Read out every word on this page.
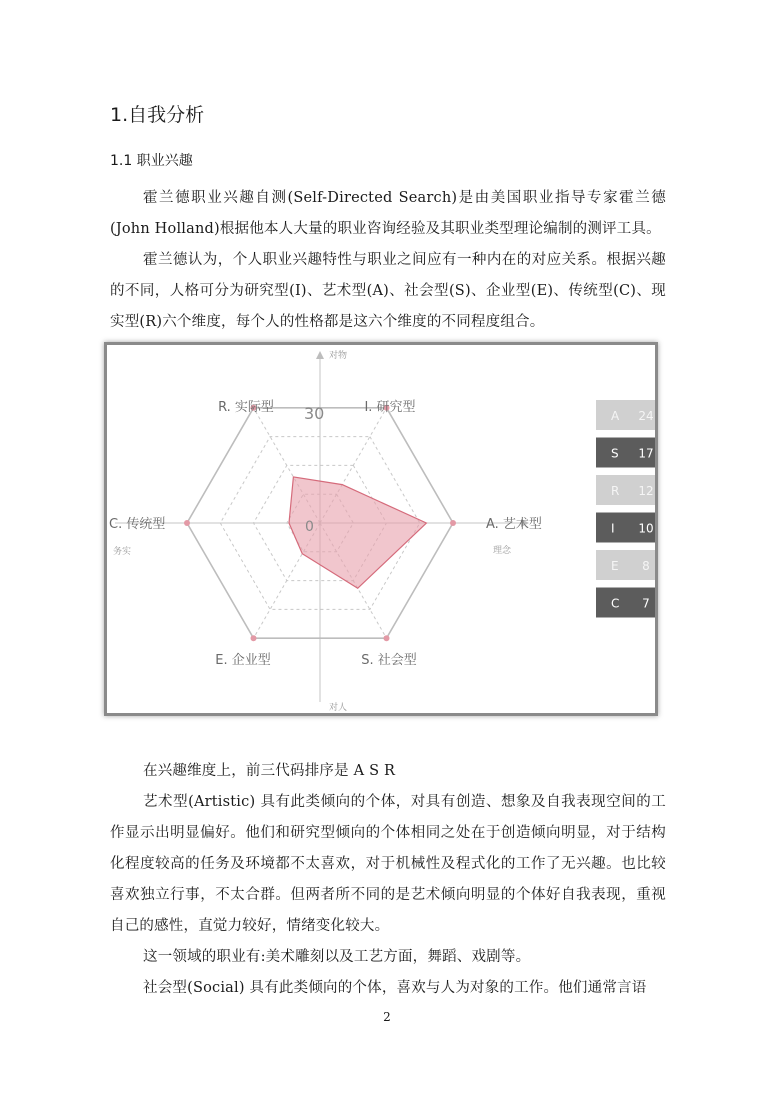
1.自我分析
1.1 职业兴趣

霍兰德职业兴趣自测(Self-Directed Search)是由美国职业指导专家霍兰德(John Holland)根据他本人大量的职业咨询经验及其职业类型理论编制的测评工具。

霍兰德认为，个人职业兴趣特性与职业之间应有一种内在的对应关系。根据兴趣的不同，人格可分为研究型(I)、艺术型(A)、社会型(S)、企业型(E)、传统型(C)、现实型(R)六个维度，每个人的性格都是这六个维度的不同程度组合。

对物
对人
务实	理念
I. 研究型
A. 艺术型
S. 社会型
E. 企业型
C. 传统型
R. 实际型 30
0
A 24
S 17
R 12
I 10
E 8
C 7

在兴趣维度上，前三代码排序是 A S R

艺术型(Artistic) 具有此类倾向的个体，对具有创造、想象及自我表现空间的工作显示出明显偏好。他们和研究型倾向的个体相同之处在于创造倾向明显，对于结构化程度较高的任务及环境都不太喜欢，对于机械性及程式化的工作了无兴趣。也比较喜欢独立行事，不太合群。但两者所不同的是艺术倾向明显的个体好自我表现，重视自己的感性，直觉力较好，情绪变化较大。

这一领域的职业有:美术雕刻以及工艺方面，舞蹈、戏剧等。

社会型(Social) 具有此类倾向的个体，喜欢与人为对象的工作。他们通常言语

2
